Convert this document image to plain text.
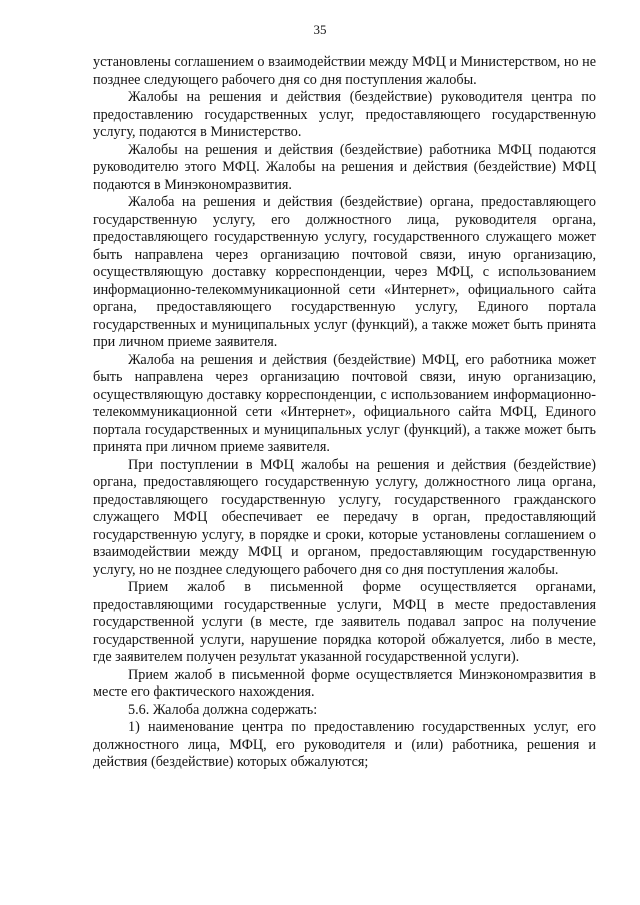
35

установлены соглашением о взаимодействии между МФЦ и Министерством, но не позднее следующего рабочего дня со дня поступления жалобы.

Жалобы на решения и действия (бездействие) руководителя центра по предоставлению государственных услуг, предоставляющего государственную услугу, подаются в Министерство.

Жалобы на решения и действия (бездействие) работника МФЦ подаются руководителю этого МФЦ. Жалобы на решения и действия (бездействие) МФЦ подаются в Минэкономразвития.

Жалоба на решения и действия (бездействие) органа, предоставляющего государственную услугу, его должностного лица, руководителя органа, предоставляющего государственную услугу, государственного служащего может быть направлена через организацию почтовой связи, иную организацию, осуществляющую доставку корреспонденции, через МФЦ, с использованием информационно-телекоммуникационной сети «Интернет», официального сайта органа, предоставляющего государственную услугу, Единого портала государственных и муниципальных услуг (функций), а также может быть принята при личном приеме заявителя.

Жалоба на решения и действия (бездействие) МФЦ, его работника может быть направлена через организацию почтовой связи, иную организацию, осуществляющую доставку корреспонденции, с использованием информационно-телекоммуникационной сети «Интернет», официального сайта МФЦ, Единого портала государственных и муниципальных услуг (функций), а также может быть принята при личном приеме заявителя.

При поступлении в МФЦ жалобы на решения и действия (бездействие) органа, предоставляющего государственную услугу, должностного лица органа, предоставляющего государственную услугу, государственного гражданского служащего МФЦ обеспечивает ее передачу в орган, предоставляющий государственную услугу, в порядке и сроки, которые установлены соглашением о взаимодействии между МФЦ и органом, предоставляющим государственную услугу, но не позднее следующего рабочего дня со дня поступления жалобы.

Прием жалоб в письменной форме осуществляется органами, предоставляющими государственные услуги, МФЦ в месте предоставления государственной услуги (в месте, где заявитель подавал запрос на получение государственной услуги, нарушение порядка которой обжалуется, либо в месте, где заявителем получен результат указанной государственной услуги).

Прием жалоб в письменной форме осуществляется Минэкономразвития в месте его фактического нахождения.

5.6. Жалоба должна содержать:

1) наименование центра по предоставлению государственных услуг, его должностного лица, МФЦ, его руководителя и (или) работника, решения и действия (бездействие) которых обжалуются;
